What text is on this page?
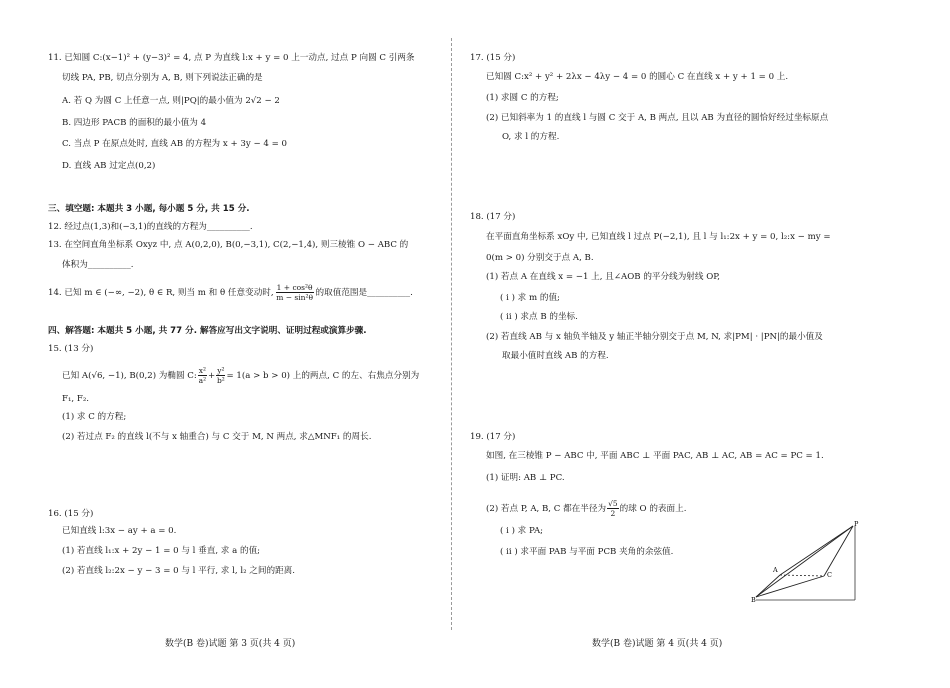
11. 已知圆 C:(x−1)² + (y−3)² = 4, 点 P 为直线 l:x + y = 0 上一动点, 过点 P 向圆 C 引两条
切线 PA, PB, 切点分别为 A, B, 则下列说法正确的是
A. 若 Q 为圆 C 上任意一点, 则|PQ|的最小值为 2√2 − 2
B. 四边形 PACB 的面积的最小值为 4
C. 当点 P 在原点处时, 直线 AB 的方程为 x + 3y − 4 = 0
D. 直线 AB 过定点(0,2)
三、填空题: 本题共 3 小题, 每小题 5 分, 共 15 分.
12. 经过点(1,3)和(−3,1)的直线的方程为__________.
13. 在空间直角坐标系 Oxyz 中, 点 A(0,2,0), B(0,−3,1), C(2,−1,4), 则三棱锥 O − ABC 的
体积为__________.
14. 已知 m ∈ (−∞, −2), θ ∈ R, 则当 m 和 θ 任意变动时, $\frac{\text{1 + cos²θ}}{\text{m − sin²θ}}$ 的取值范围是__________.
四、解答题: 本题共 5 小题, 共 77 分. 解答应写出文字说明、证明过程或演算步骤.
15. (13 分)
已知 A(√6, −1), B(0,2) 为椭圆 C: $\frac{\text{x²}}{\text{a²}} + \frac{\text{y²}}{\text{b²}} = 1(a > b > 0)$ 上的两点, C 的左、右焦点分别为
F₁, F₂.
(1) 求 C 的方程;
(2) 若过点 F₂ 的直线 l(不与 x 轴重合) 与 C 交于 M, N 两点, 求△MNF₁ 的周长.
16. (15 分)
已知直线 l:3x − ay + a = 0.
(1) 若直线 l₁:x + 2y − 1 = 0 与 l 垂直, 求 a 的值;
(2) 若直线 l₂:2x − y − 3 = 0 与 l 平行, 求 l, l₂ 之间的距离.
数学(B 卷)试题 第 3 页(共 4 页)
17. (15 分)
已知圆 C:x² + y² + 2λx − 4λy − 4 = 0 的圆心 C 在直线 x + y + 1 = 0 上.
(1) 求圆 C 的方程;
(2) 已知斜率为 1 的直线 l 与圆 C 交于 A, B 两点, 且以 AB 为直径的圆恰好经过坐标原点
O, 求 l 的方程.
18. (17 分)
在平面直角坐标系 xOy 中, 已知直线 l 过点 P(−2,1), 且 l 与 l₁:2x + y = 0, l₂:x − my =
0(m > 0) 分别交于点 A, B.
(1) 若点 A 在直线 x = −1 上, 且∠AOB 的平分线为射线 OP,
( ⅰ ) 求 m 的值;
( ⅱ ) 求点 B 的坐标.
(2) 若直线 AB 与 x 轴负半轴及 y 轴正半轴分别交于点 M, N, 求|PM| · |PN|的最小值及
取最小值时直线 AB 的方程.
19. (17 分)
如图, 在三棱锥 P − ABC 中, 平面 ABC ⊥ 平面 PAC, AB ⊥ AC, AB = AC = PC = 1.
(1) 证明: AB ⊥ PC.
(2) 若点 P, A, B, C 都在半径为 $\frac{√5}{2}$ 的球 O 的表面上.
( ⅰ ) 求 PA;
( ⅱ ) 求平面 PAB 与平面 PCB 夹角的余弦值.
P
A
B
C
数学(B 卷)试题 第 4 页(共 4 页)
